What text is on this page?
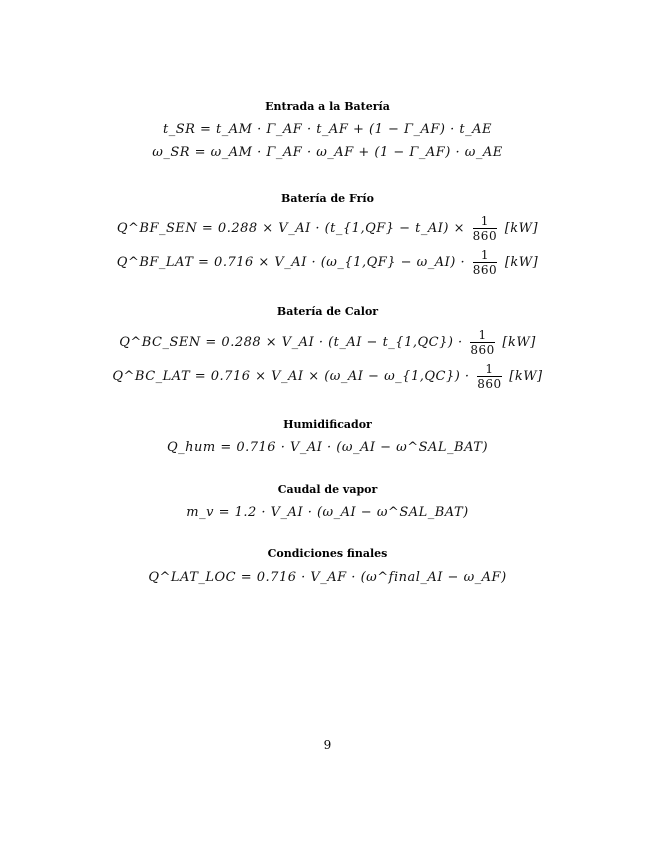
Entrada a la Batería
t_SR = t_AM · Γ_AF · t_AF + (1 − Γ_AF) · t_AE
ω_SR = ω_AM · Γ_AF · ω_AF + (1 − Γ_AF) · ω_AE
Batería de Frío
Q^BF_SEN = 0.288 × V_AI · (t_{1,QF} − t_AI) × $\frac{1}{860} [kW]$
Q^BF_LAT = 0.716 × V_AI · (ω_{1,QF} − ω_AI) · $\frac{1}{860} [kW]$
Batería de Calor
Q^BC_SEN = 0.288 × V_AI · (t_AI − t_{1,QC}) · $\frac{1}{860} [kW]$
Q^BC_LAT = 0.716 × V_AI × (ω_AI − ω_{1,QC}) · $\frac{1}{860} [kW]$
Humidificador
Q_hum = 0.716 · V_AI · (ω_AI − ω^SAL_BAT)
Caudal de vapor
m_v = 1.2 · V_AI · (ω_AI − ω^SAL_BAT)
Condiciones finales
Q^LAT_LOC = 0.716 · V_AF · (ω^final_AI − ω_AF)
9
